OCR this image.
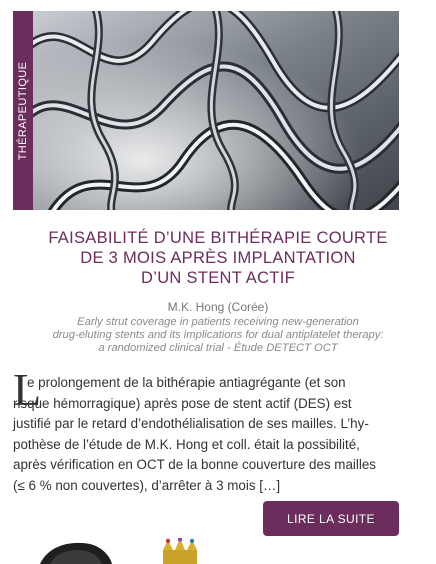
THÉRAPEUTIQUE
FAISABILITÉ D’UNE BITHÉRAPIE COURTE
DE 3 MOIS APRÈS IMPLANTATION
D’UN STENT ACTIF
M.K. Hong (Corée)
Early strut coverage in patients receiving new-generation
drug-eluting stents and its implications for dual antiplatelet therapy:
a randomized clinical trial - Étude DETECT OCT
L
e prolongement de la bithérapie antiagrégante (et son
risque hémorragique) après pose de stent actif (DES) est
justifié par le retard d’endothélialisation de ses mailles. L’hy-
pothèse de l’étude de M.K. Hong et coll. était la possibilité,
après vérification en OCT de la bonne couverture des mailles
(≤ 6 % non couvertes), d’arrêter à 3 mois […]
LIRE LA SUITE
